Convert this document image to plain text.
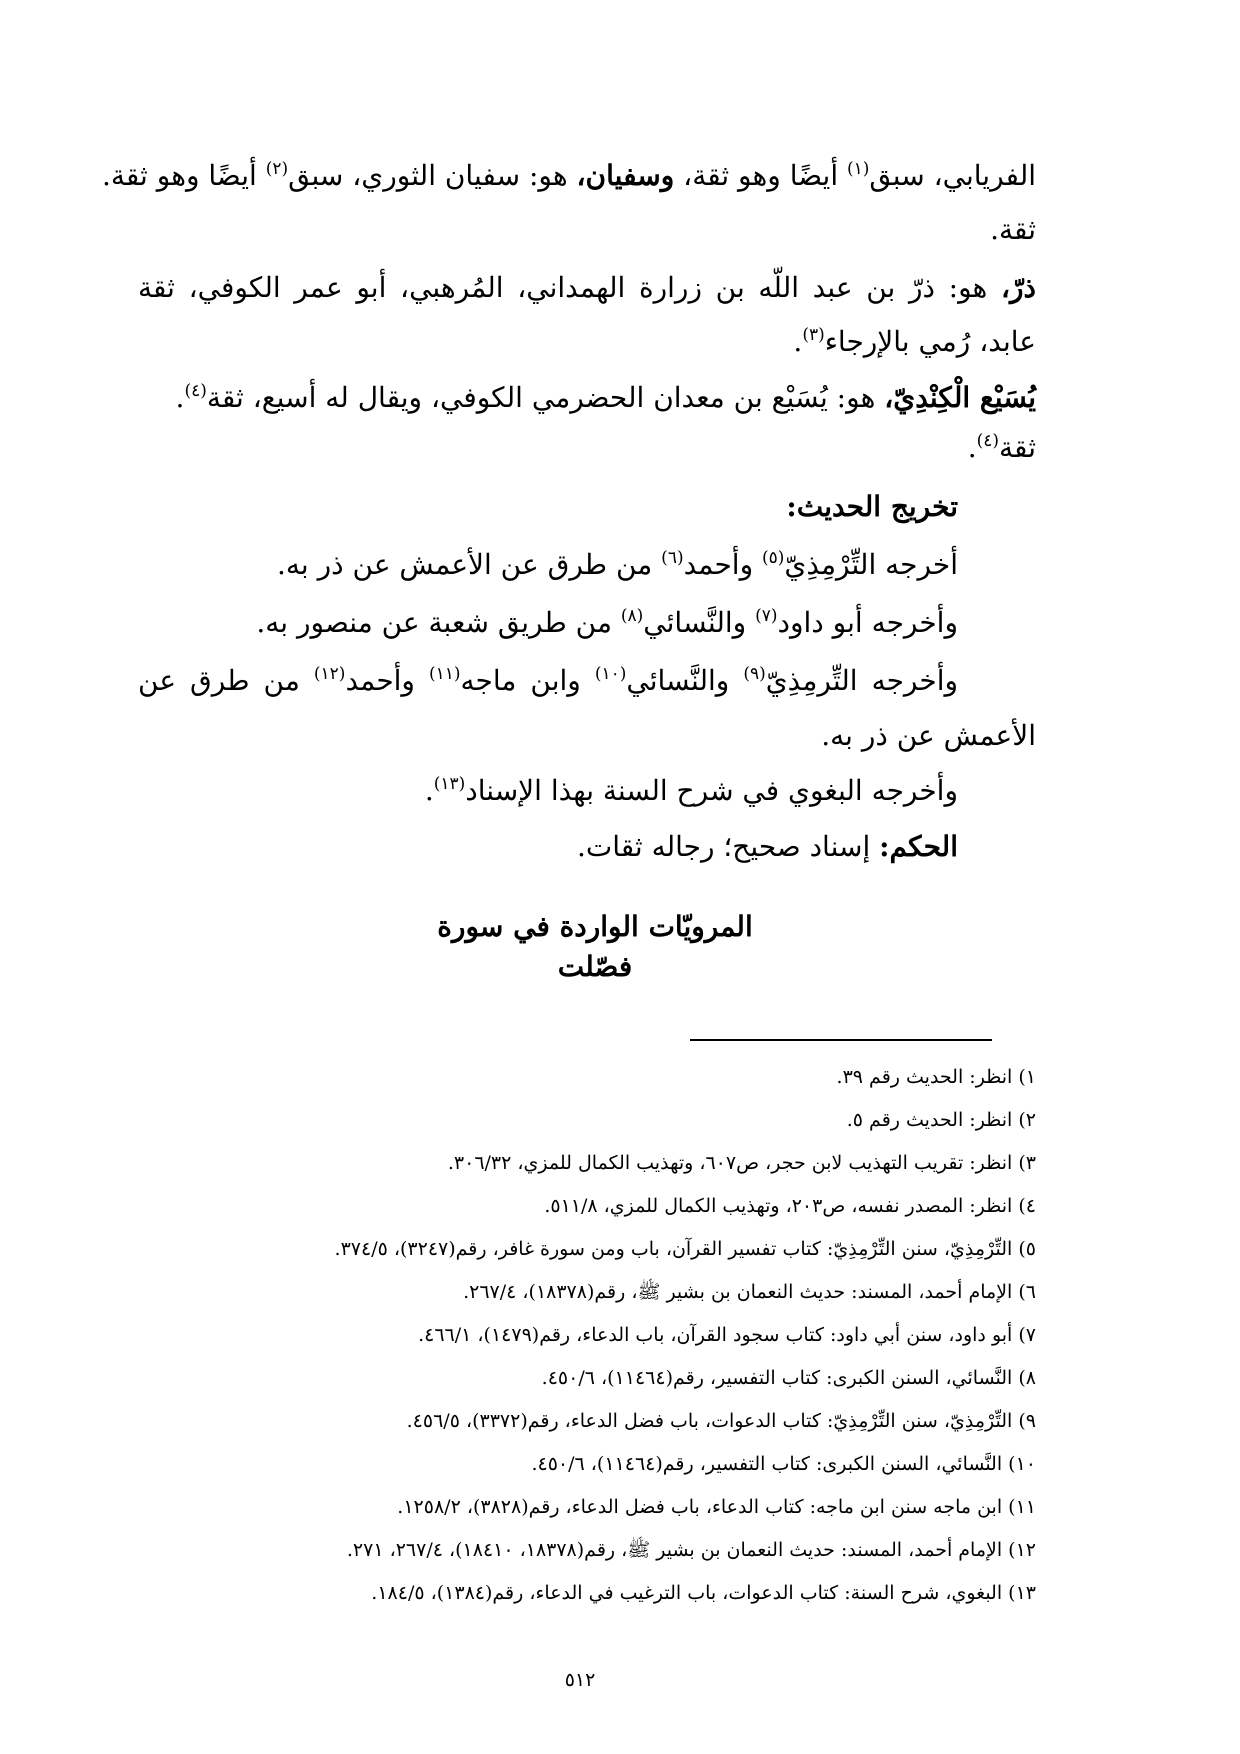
الفريابي، سبق$^{(١)}$ أيضًا وهو ثقة، وسفيان، هو: سفيان الثوري، سبق$^{(٢)}$ أيضًا وهو ثقة.
ثقة.
ذرّ، هو: ذرّ بن عبد اللّه بن زرارة الهمداني، المُرهبي، أبو عمر الكوفي، ثقة
عابد، رُمي بالإرجاء$^{(٣)}$.
يُسَيْع الْكِنْدِيّ، هو: يُسَيْع بن معدان الحضرمي الكوفي، ويقال له أسيع، ثقة$^{(٤)}$.
ثقة$^{(٤)}$.
تخريج الحديث:
أخرجه التِّرْمِذِيّ$^{(٥)}$ وأحمد$^{(٦)}$ من طرق عن الأعمش عن ذر به.
وأخرجه أبو داود$^{(٧)}$ والنَّسائي$^{(٨)}$ من طريق شعبة عن منصور به.
وأخرجه التِّرمِذِيّ$^{(٩)}$ والنَّسائي$^{(١٠)}$ وابن ماجه$^{(١١)}$ وأحمد$^{(١٢)}$ من طرق عن
الأعمش عن ذر به.
وأخرجه البغوي في شرح السنة بهذا الإسناد$^{(١٣)}$.
الحكم: إسناد صحيح؛ رجاله ثقات.
المرويّات الواردة في سورة فصّلت
١) انظر: الحديث رقم ٣٩.
٢) انظر: الحديث رقم ٥.
٣) انظر: تقريب التهذيب لابن حجر، ص٦٠٧، وتهذيب الكمال للمزي، ٣٠٦/٣٢.
٤) انظر: المصدر نفسه، ص٢٠٣، وتهذيب الكمال للمزي، ٥١١/٨.
٥) التِّرْمِذِيّ، سنن التِّرْمِذِيّ: كتاب تفسير القرآن، باب ومن سورة غافر، رقم(٣٢٤٧)، ٣٧٤/٥.
٦) الإمام أحمد، المسند: حديث النعمان بن بشير ﷺ، رقم(١٨٣٧٨)، ٢٦٧/٤.
٧) أبو داود، سنن أبي داود: كتاب سجود القرآن، باب الدعاء، رقم(١٤٧٩)، ٤٦٦/١.
٨) النَّسائي، السنن الكبرى: كتاب التفسير، رقم(١١٤٦٤)، ٤٥٠/٦.
٩) التِّرْمِذِيّ، سنن التِّرْمِذِيّ: كتاب الدعوات، باب فضل الدعاء، رقم(٣٣٧٢)، ٤٥٦/٥.
١٠) النَّسائي، السنن الكبرى: كتاب التفسير، رقم(١١٤٦٤)، ٤٥٠/٦.
١١) ابن ماجه سنن ابن ماجه: كتاب الدعاء، باب فضل الدعاء، رقم(٣٨٢٨)، ١٢٥٨/٢.
١٢) الإمام أحمد، المسند: حديث النعمان بن بشير ﷺ، رقم(١٨٣٧٨، ١٨٤١٠)، ٢٦٧/٤، ٢٧١.
١٣) البغوي، شرح السنة: كتاب الدعوات، باب الترغيب في الدعاء، رقم(١٣٨٤)، ١٨٤/٥.
٥١٢
